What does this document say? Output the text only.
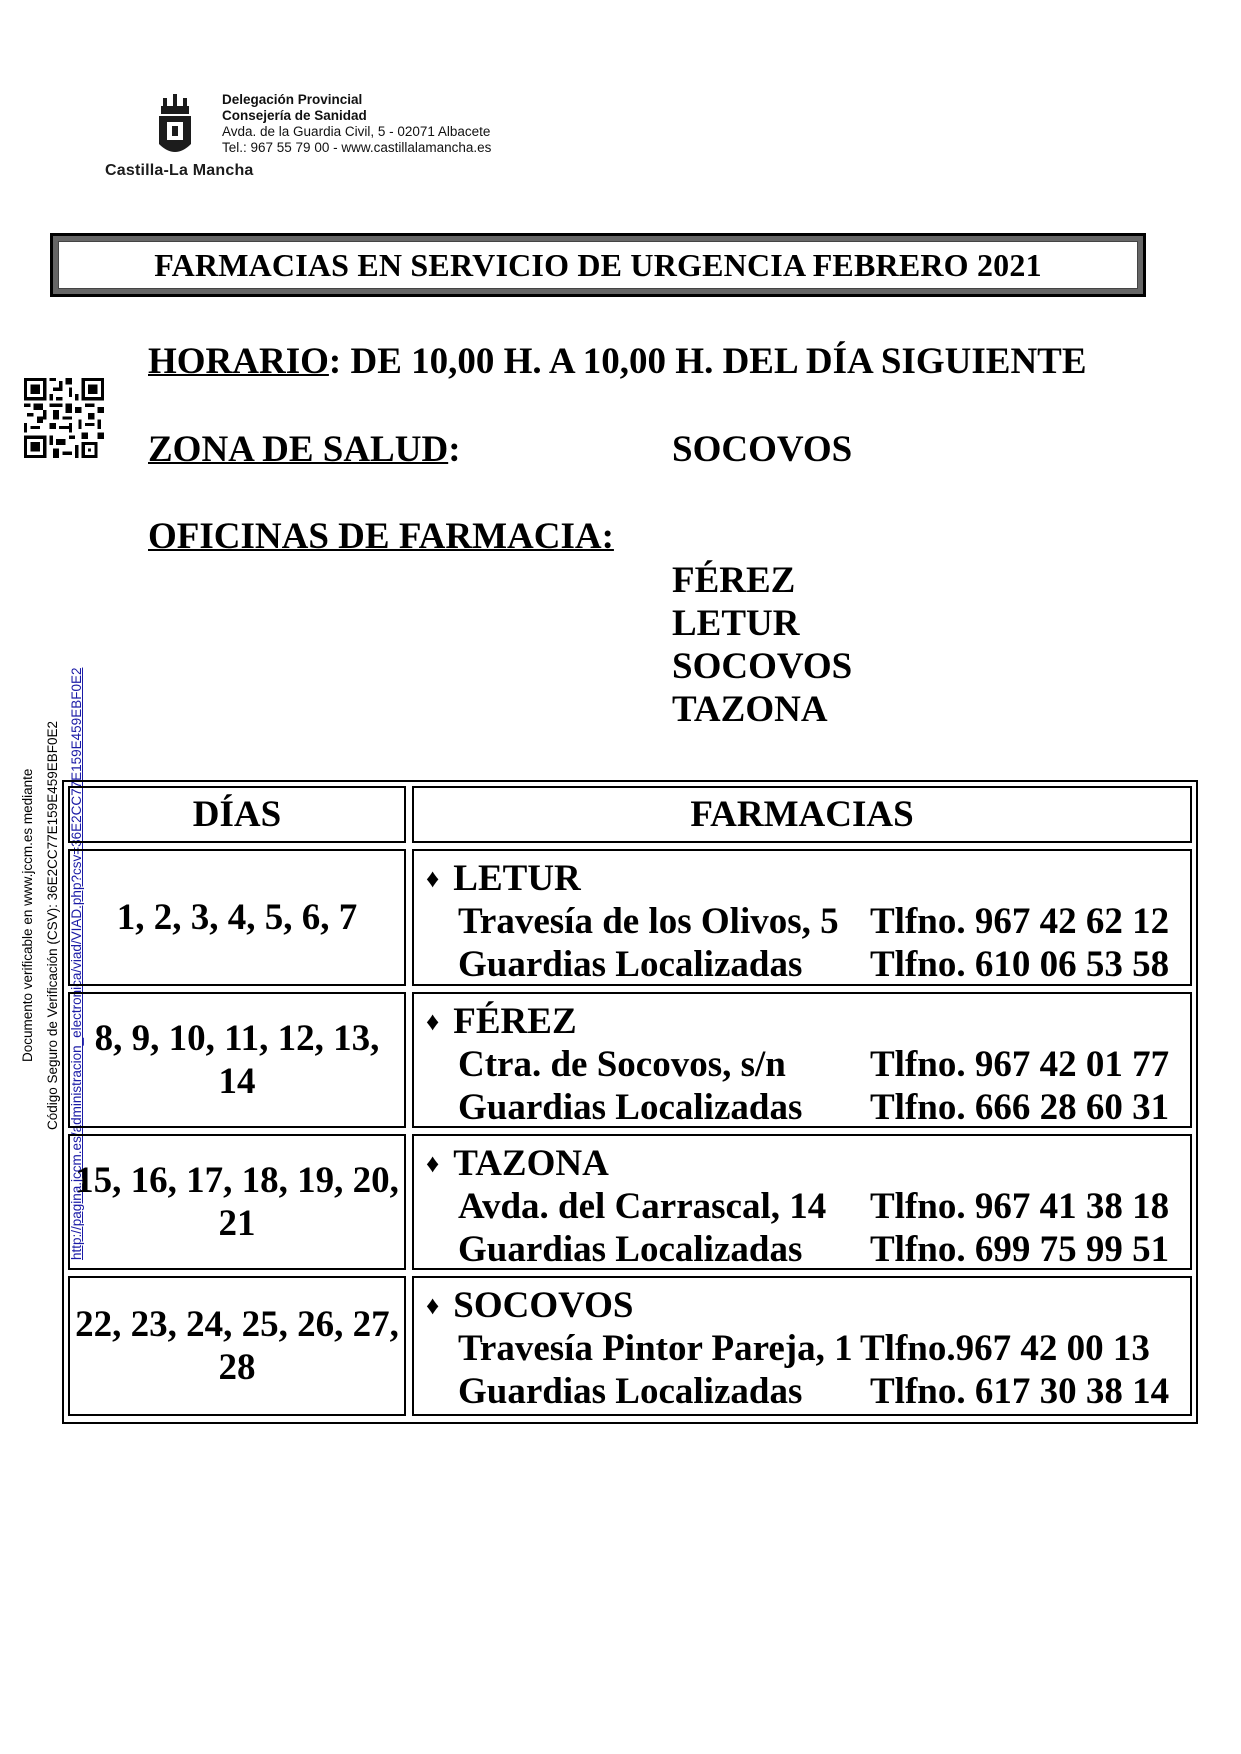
Castilla-La Mancha
Delegación Provincial
Consejería de Sanidad
Avda. de la Guardia Civil, 5 - 02071 Albacete
Tel.: 967 55 79 00 - www.castillalamancha.es
FARMACIAS EN SERVICIO DE URGENCIA FEBRERO 2021
Documento verificable en www.jccm.es mediante Código Seguro de Verificación (CSV): 36E2CC77E159E459EBF0E2 http://pagina.jccm.es/administracion_electronica/viad/VIAD.php?csv=36E2CC77E159E459EBF0E2
HORARIO: DE 10,00 H. A 10,00 H. DEL DÍA SIGUIENTE
ZONA DE SALUD:	SOCOVOS
OFICINAS DE FARMACIA:
FÉREZ
LETUR
SOCOVOS
TAZONA
DÍAS	FARMACIAS
1, 2, 3, 4, 5, 6, 7
♦ LETUR
Travesía de los Olivos, 5 Tlfno. 967 42 62 12
Guardias Localizadas Tlfno. 610 06 53 58
8, 9, 10, 11, 12, 13, 14
♦ FÉREZ
Ctra. de Socovos, s/n Tlfno. 967 42 01 77
Guardias Localizadas Tlfno. 666 28 60 31
15, 16, 17, 18, 19, 20, 21
♦ TAZONA
Avda. del Carrascal, 14 Tlfno. 967 41 38 18
Guardias Localizadas Tlfno. 699 75 99 51
22, 23, 24, 25, 26, 27, 28
♦ SOCOVOS
Travesía Pintor Pareja, 1 Tlfno.967 42 00 13
Guardias Localizadas Tlfno. 617 30 38 14
